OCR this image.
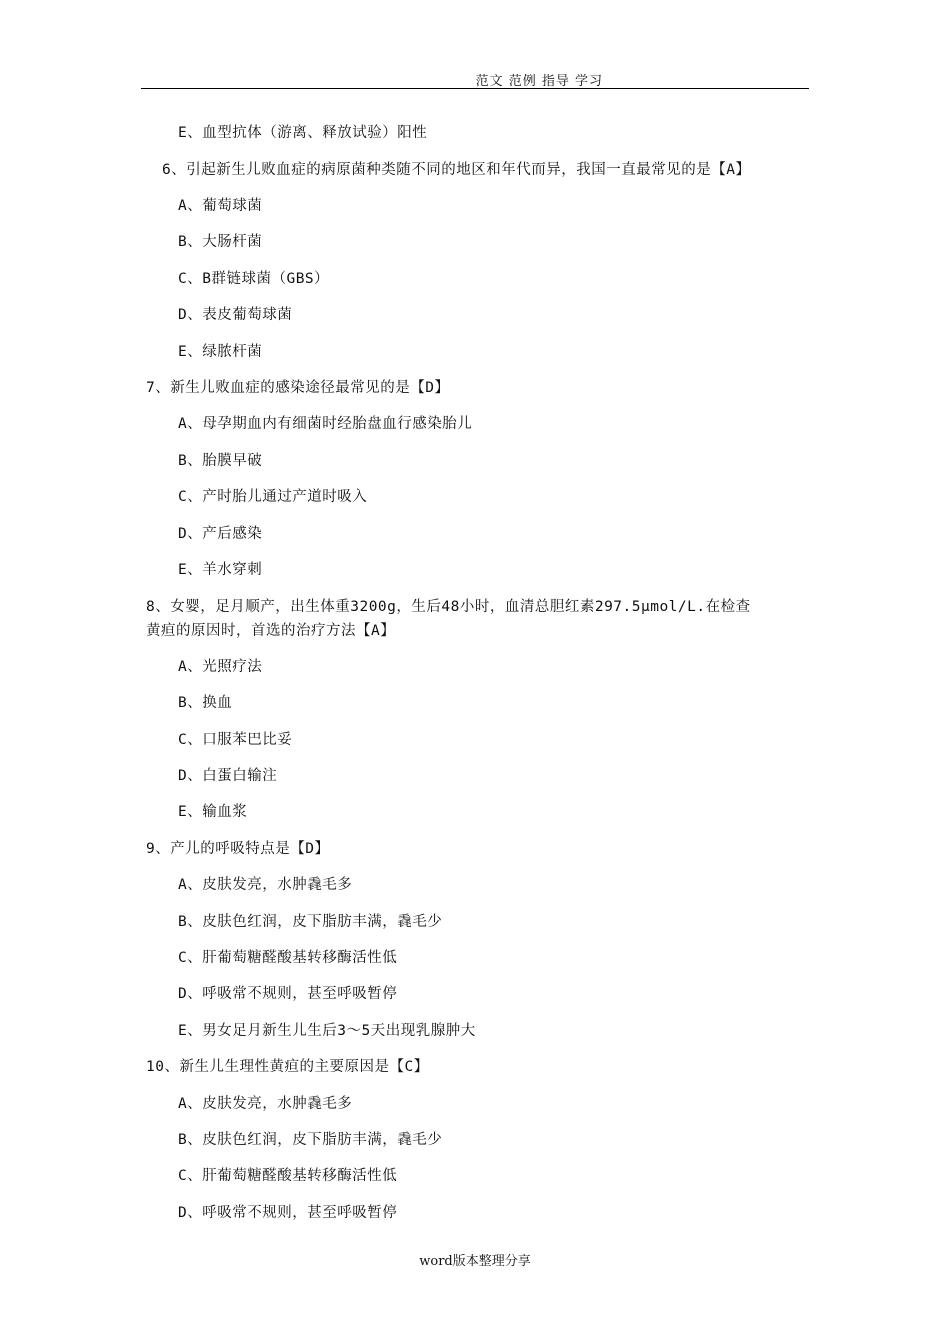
范文 范例 指导 学习
E、血型抗体（游离、释放试验）阳性
6、引起新生儿败血症的病原菌种类随不同的地区和年代而异，我国一直最常见的是【A】
A、葡萄球菌
B、大肠杆菌
C、B群链球菌（GBS）
D、表皮葡萄球菌
E、绿脓杆菌
7、新生儿败血症的感染途径最常见的是【D】
A、母孕期血内有细菌时经胎盘血行感染胎儿
B、胎膜早破
C、产时胎儿通过产道时吸入
D、产后感染
E、羊水穿刺
8、女婴，足月顺产，出生体重3200g，生后48小时，血清总胆红素297.5μmol/L.在检查
黄疸的原因时，首选的治疗方法【A】
A、光照疗法
B、换血
C、口服苯巴比妥
D、白蛋白输注
E、输血浆
9、产儿的呼吸特点是【D】
A、皮肤发亮，水肿毳毛多
B、皮肤色红润，皮下脂肪丰满，毳毛少
C、肝葡萄糖醛酸基转移酶活性低
D、呼吸常不规则，甚至呼吸暂停
E、男女足月新生儿生后3～5天出现乳腺肿大
10、新生儿生理性黄疸的主要原因是【C】
A、皮肤发亮，水肿毳毛多
B、皮肤色红润，皮下脂肪丰满，毳毛少
C、肝葡萄糖醛酸基转移酶活性低
D、呼吸常不规则，甚至呼吸暂停
word版本整理分享
